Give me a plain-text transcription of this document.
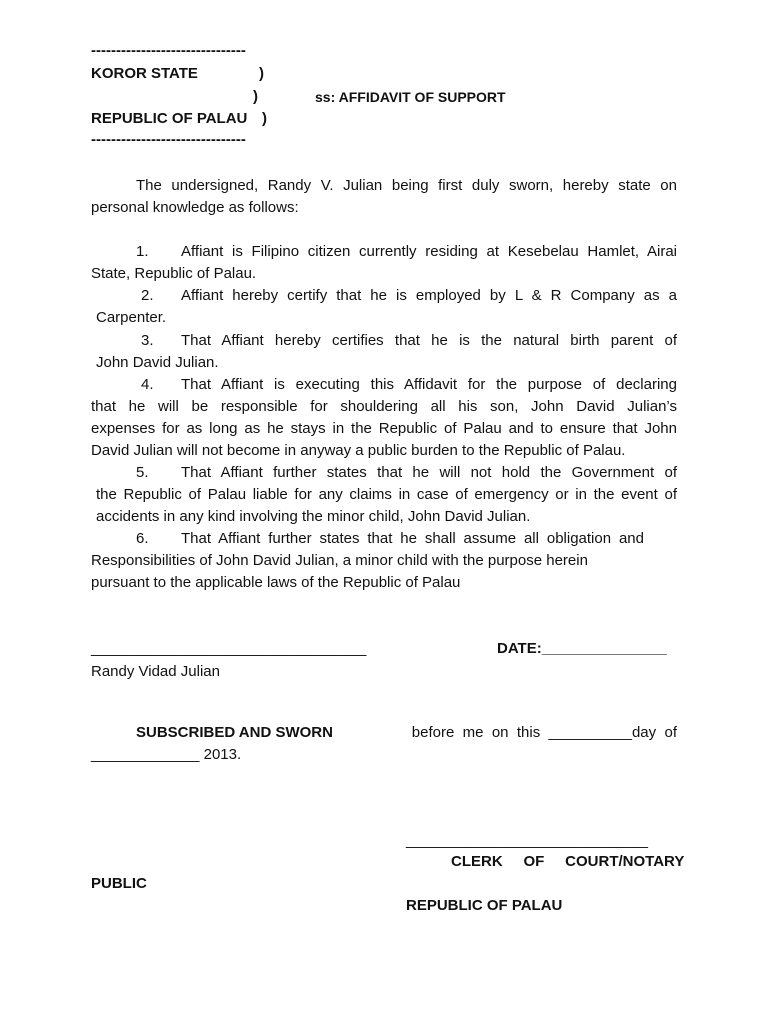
-------------------------------
KOROR STATE	)
)	ss: AFFIDAVIT OF SUPPORT
REPUBLIC OF PALAU )
-------------------------------
The undersigned, Randy V. Julian being first duly sworn, hereby state on
personal knowledge as follows:
1. Affiant is Filipino citizen currently residing at Kesebelau Hamlet, Airai
State, Republic of Palau.
2. Affiant hereby certify that he is employed by L & R Company as a
Carpenter.
3. That Affiant hereby certifies that he is the natural birth parent of
John David Julian.
4. That Affiant is executing this Affidavit for the purpose of declaring
that he will be responsible for shouldering all his son, John David Julian’s
expenses for as long as he stays in the Republic of Palau and to ensure that John
David Julian will not become in anyway a public burden to the Republic of Palau.
5. That Affiant further states that he will not hold the Government of
the Republic of Palau liable for any claims in case of emergency or in the event of
accidents in any kind involving the minor child, John David Julian.
6. That Affiant further states that he shall assume all obligation and
Responsibilities of John David Julian, a minor child with the purpose herein
pursuant to the applicable laws of the Republic of Palau
_________________________________	DATE:_______________
Randy Vidad Julian
SUBSCRIBED AND SWORN	before  me  on  this  __________day  of
_____________ 2013.
_____________________________
CLERK     OF     COURT/NOTARY
PUBLIC
REPUBLIC OF PALAU
